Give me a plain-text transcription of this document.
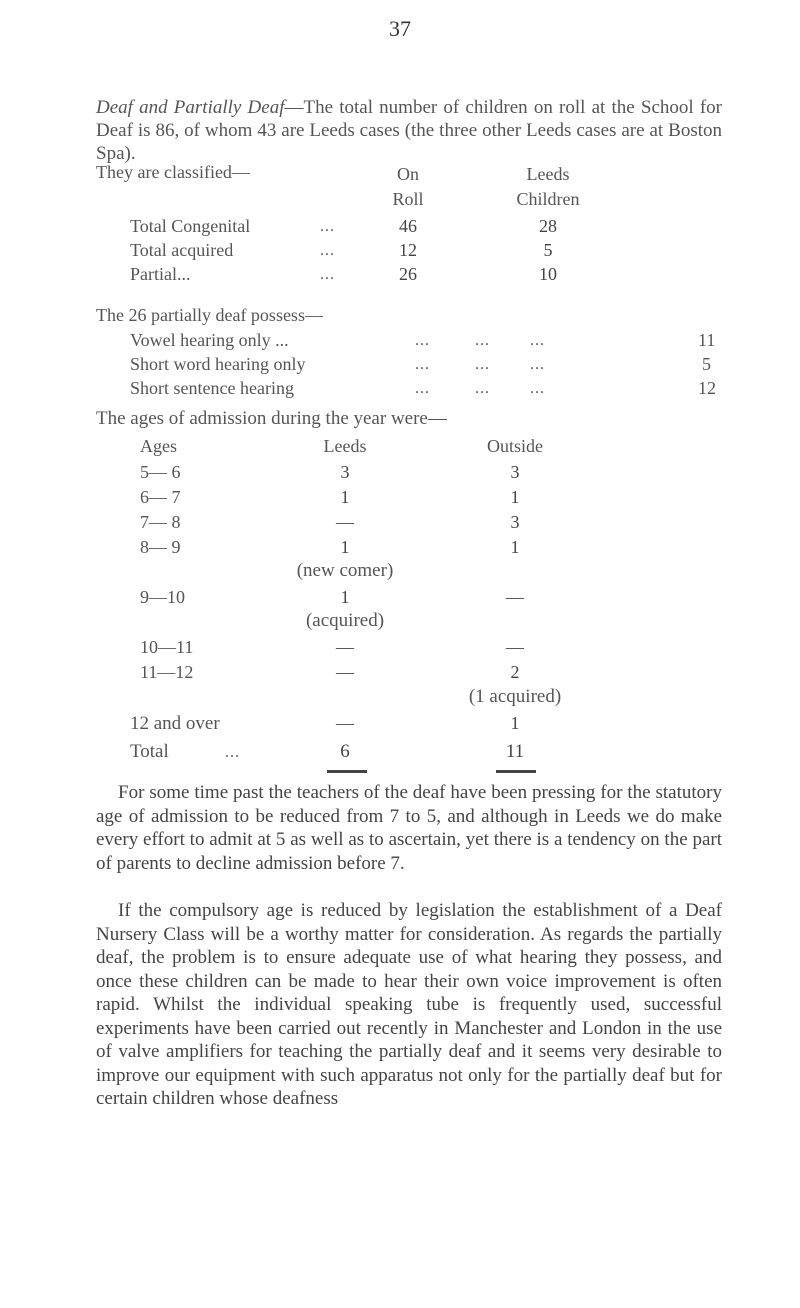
37
Deaf and Partially Deaf—The total number of children on roll at the School for Deaf is 86, of whom 43 are Leeds cases (the three other Leeds cases are at Boston Spa).
They are classified—	On
Roll
Leeds
Children
Total Congenital	...	46	28
Total acquired	...	12	5
Partial...	...	26	10
The 26 partially deaf possess—
Vowel hearing only ...	...         ...        ...	11
Short word hearing only	...         ...        ...	5
Short sentence hearing	...         ...        ...	12
The ages of admission during the year were—
Ages	Leeds	Outside
5— 6	3	3
6— 7	1	1
7— 8	—	3
8— 9	1	1
(new comer)
9—10	1	—
(acquired)
10—11	—	—
11—12	—	2
(1 acquired)
12 and over	—	1
Total	...	6	11
For some time past the teachers of the deaf have been pressing for the statutory age of admission to be reduced from 7 to 5, and although in Leeds we do make every effort to admit at 5 as well as to ascertain, yet there is a tendency on the part of parents to decline admission before 7.
If the compulsory age is reduced by legislation the establishment of a Deaf Nursery Class will be a worthy matter for consideration. As regards the partially deaf, the problem is to ensure adequate use of what hearing they possess, and once these children can be made to hear their own voice improvement is often rapid. Whilst the individual speaking tube is frequently used, successful experiments have been carried out recently in Manchester and London in the use of valve amplifiers for teaching the partially deaf and it seems very desirable to improve our equipment with such apparatus not only for the partially deaf but for certain children whose deafness
